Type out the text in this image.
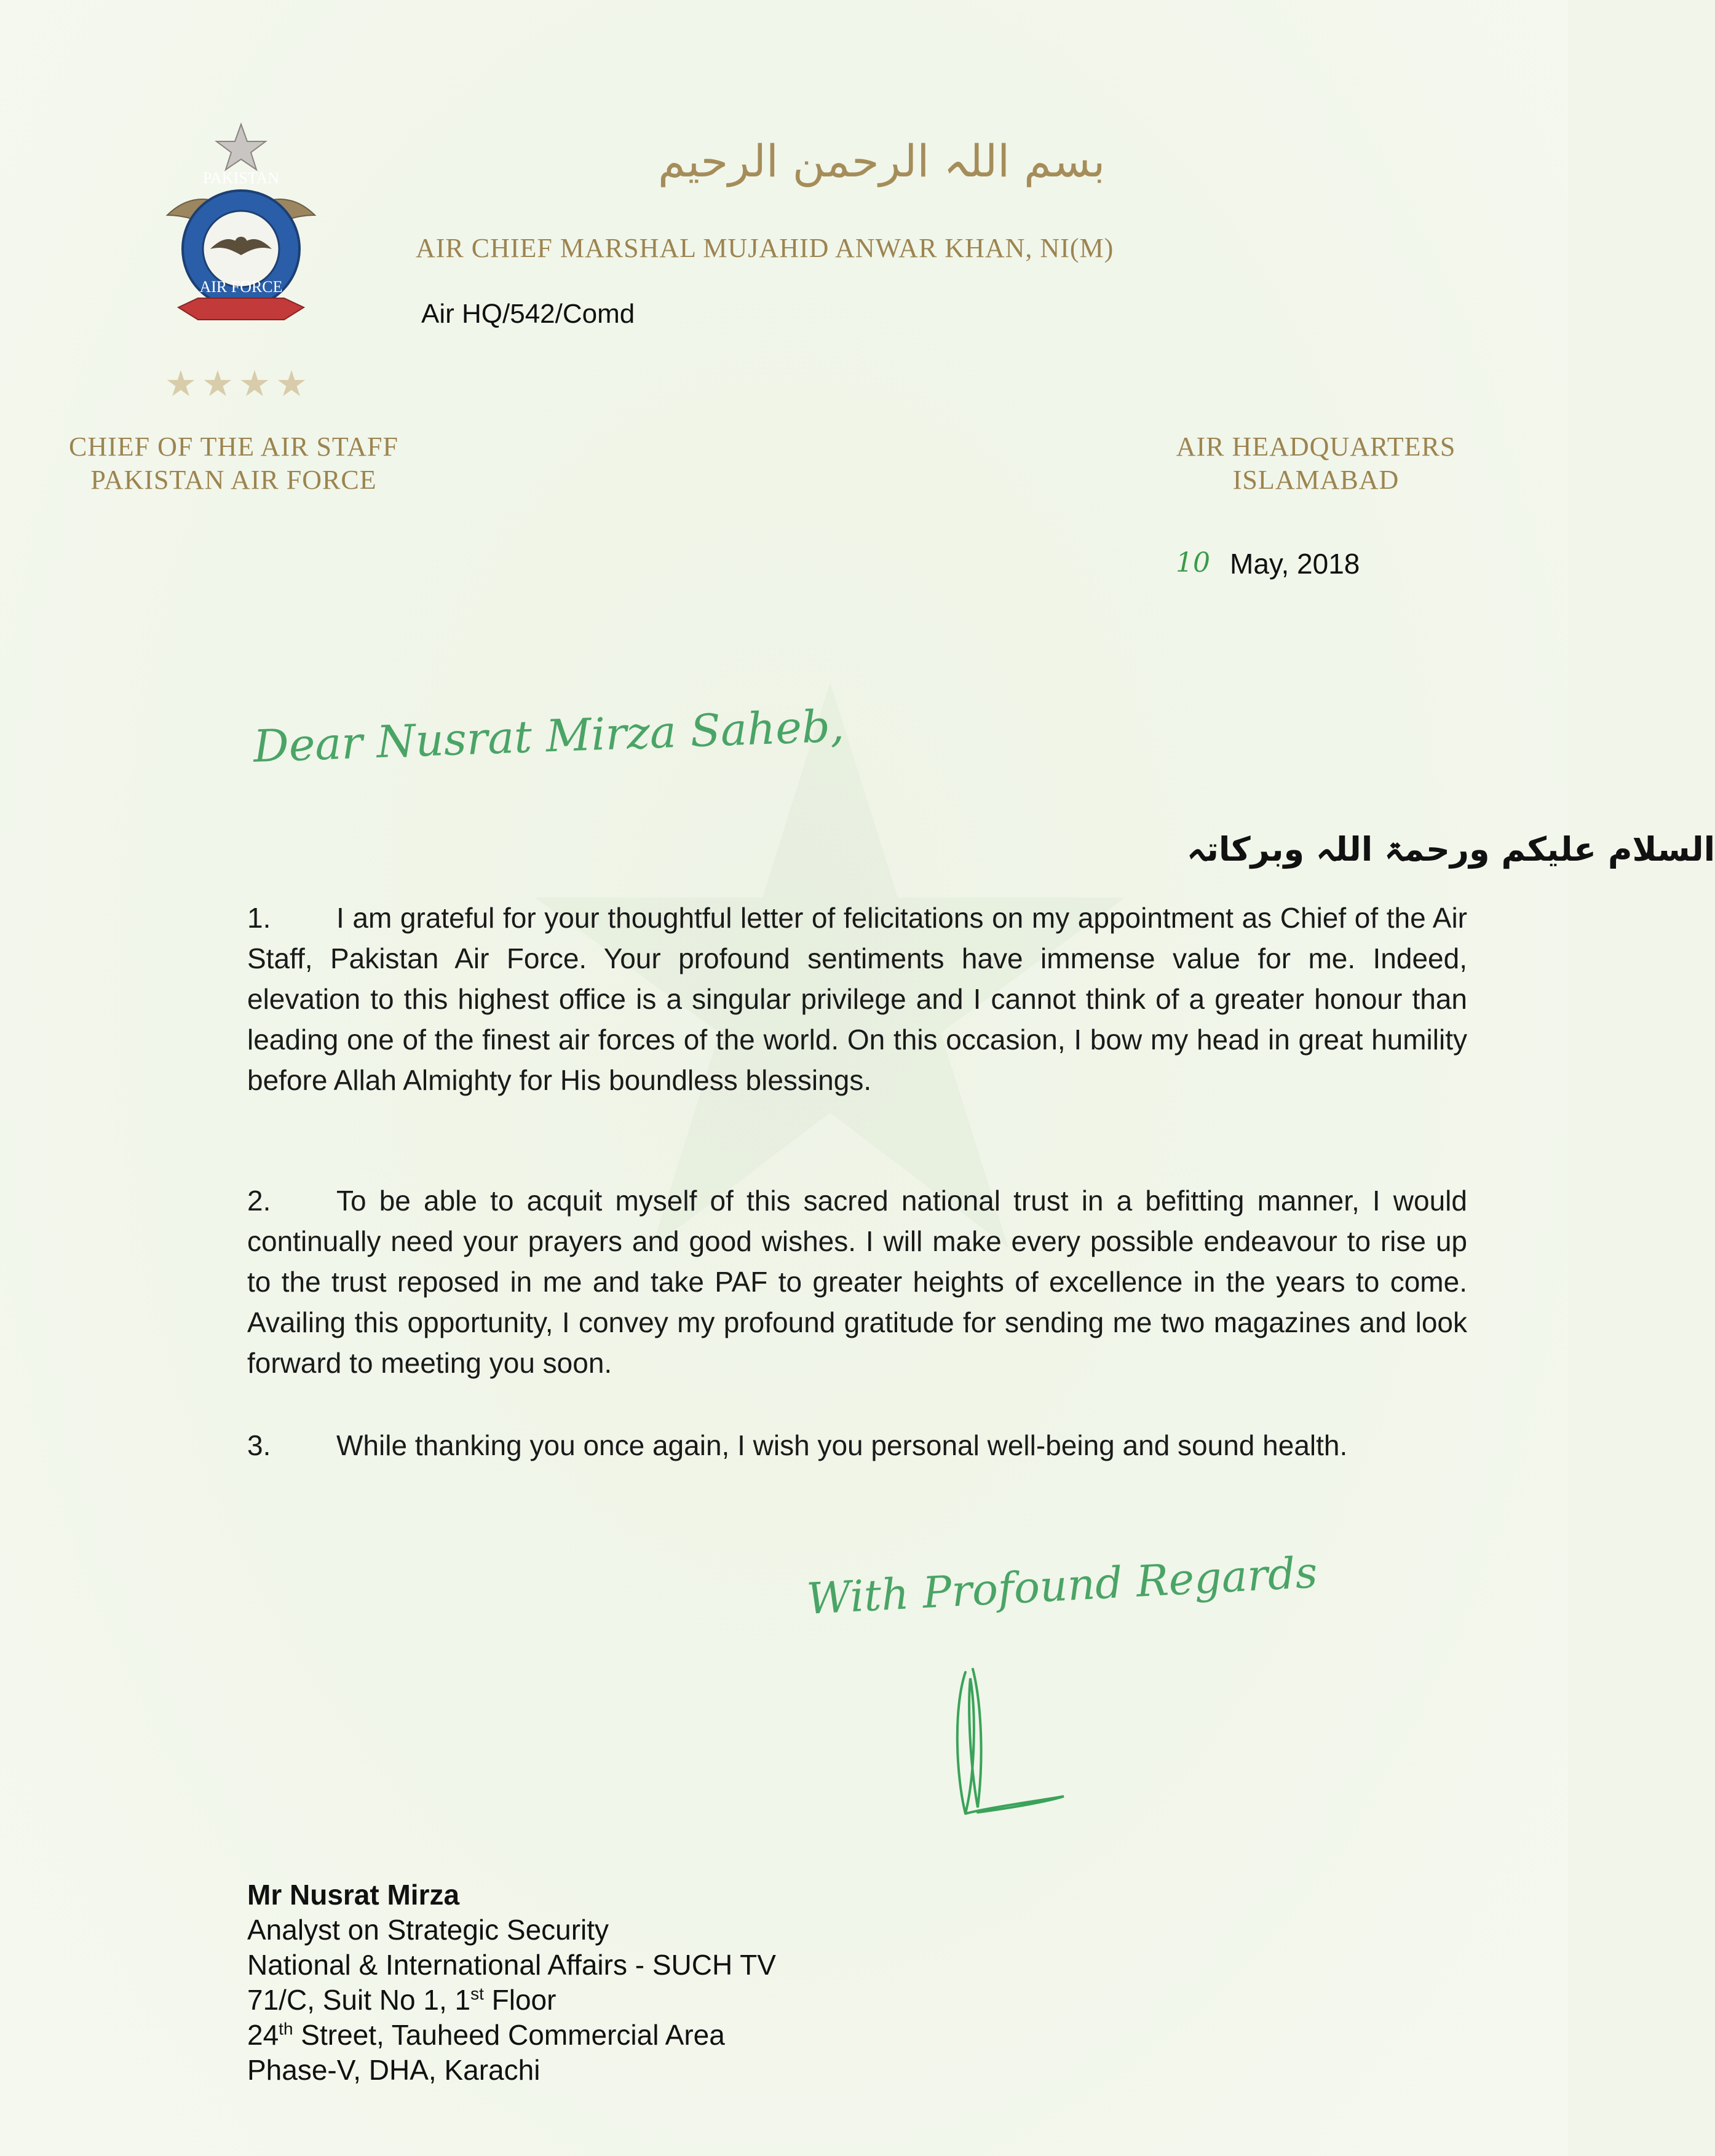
PAKISTAN
AIR FORCE
بسم اللہ الرحمن الرحیم
AIR CHIEF MARSHAL MUJAHID ANWAR KHAN, NI(M)
Air HQ/542/Comd
★★★★
CHIEF OF THE AIR STAFF
PAKISTAN AIR FORCE
AIR HEADQUARTERS
ISLAMABAD
10 May, 2018
Dear Nusrat Mirza Saheb,
السلام علیکم ورحمۃ اللہ وبرکاتہ
1. I am grateful for your thoughtful letter of felicitations on my appointment as Chief of the Air Staff, Pakistan Air Force. Your profound sentiments have immense value for me. Indeed, elevation to this highest office is a singular privilege and I cannot think of a greater honour than leading one of the finest air forces of the world. On this occasion, I bow my head in great humility before Allah Almighty for His boundless blessings.
2. To be able to acquit myself of this sacred national trust in a befitting manner, I would continually need your prayers and good wishes. I will make every possible endeavour to rise up to the trust reposed in me and take PAF to greater heights of excellence in the years to come. Availing this opportunity, I convey my profound gratitude for sending me two magazines and look forward to meeting you soon.
3. While thanking you once again, I wish you personal well-being and sound health.
With Profound Regards
Mr Nusrat Mirza
Analyst on Strategic Security
National & International Affairs - SUCH TV
71/C, Suit No 1, 1st Floor
24th Street, Tauheed Commercial Area
Phase-V, DHA, Karachi
